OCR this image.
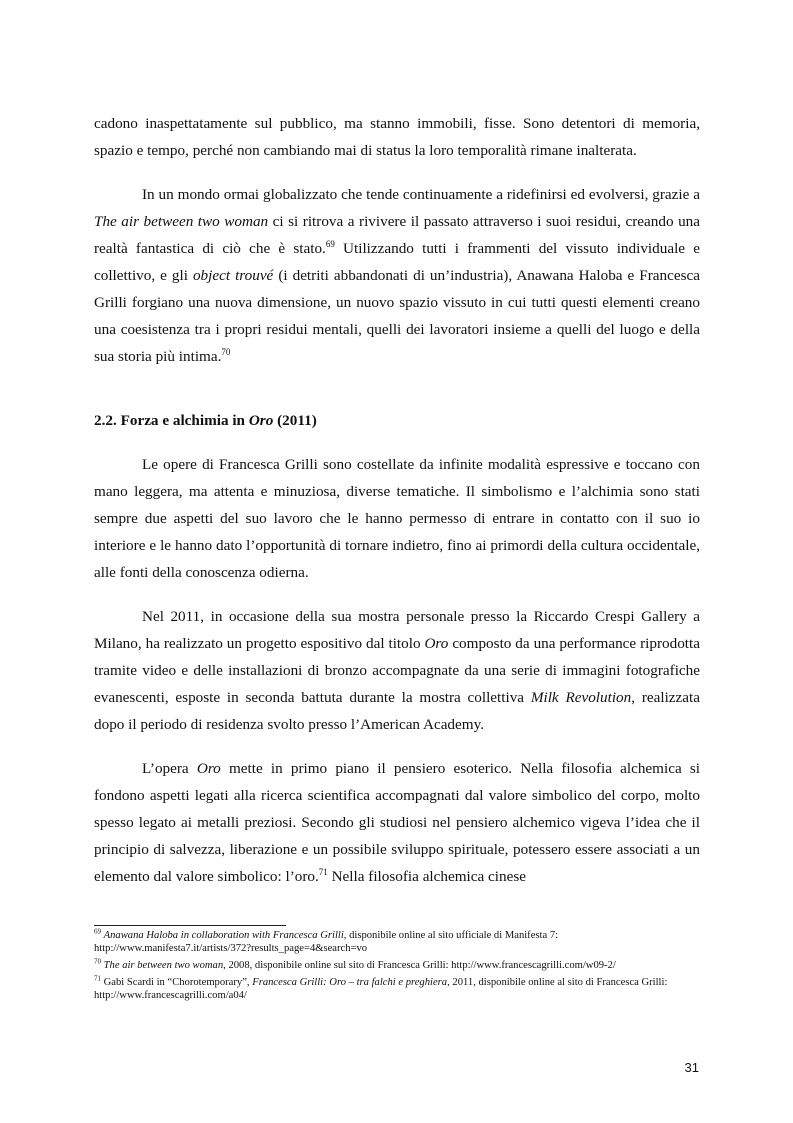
cadono inaspettatamente sul pubblico, ma stanno immobili, fisse. Sono detentori di memoria, spazio e tempo, perché non cambiando mai di status la loro temporalità rimane inalterata.

In un mondo ormai globalizzato che tende continuamente a ridefinirsi ed evolversi, grazie a The air between two woman ci si ritrova a rivivere il passato attraverso i suoi residui, creando una realtà fantastica di ciò che è stato.$^{69}$ Utilizzando tutti i frammenti del vissuto individuale e collettivo, e gli object trouvé (i detriti abbandonati di un’industria), Anawana Haloba e Francesca Grilli forgiano una nuova dimensione, un nuovo spazio vissuto in cui tutti questi elementi creano una coesistenza tra i propri residui mentali, quelli dei lavoratori insieme a quelli del luogo e della sua storia più intima.$^{70}$

2.2. Forza e alchimia in Oro (2011)

Le opere di Francesca Grilli sono costellate da infinite modalità espressive e toccano con mano leggera, ma attenta e minuziosa, diverse tematiche. Il simbolismo e l’alchimia sono stati sempre due aspetti del suo lavoro che le hanno permesso di entrare in contatto con il suo io interiore e le hanno dato l’opportunità di tornare indietro, fino ai primordi della cultura occidentale, alle fonti della conoscenza odierna.

Nel 2011, in occasione della sua mostra personale presso la Riccardo Crespi Gallery a Milano, ha realizzato un progetto espositivo dal titolo Oro composto da una performance riprodotta tramite video e delle installazioni di bronzo accompagnate da una serie di immagini fotografiche evanescenti, esposte in seconda battuta durante la mostra collettiva Milk Revolution, realizzata dopo il periodo di residenza svolto presso l’American Academy.

L’opera Oro mette in primo piano il pensiero esoterico. Nella filosofia alchemica si fondono aspetti legati alla ricerca scientifica accompagnati dal valore simbolico del corpo, molto spesso legato ai metalli preziosi. Secondo gli studiosi nel pensiero alchemico vigeva l’idea che il principio di salvezza, liberazione e un possibile sviluppo spirituale, potessero essere associati a un elemento dal valore simbolico: l’oro.$^{71}$ Nella filosofia alchemica cinese

$^{69}$ Anawana Haloba in collaboration with Francesca Grilli, disponibile online al sito ufficiale di Manifesta 7: http://www.manifesta7.it/artists/372?results_page=4&search=vo
$^{70}$ The air between two woman, 2008, disponibile online sul sito di Francesca Grilli: http://www.francescagrilli.com/w09-2/
$^{71}$ Gabi Scardi in “Chorotemporary”, Francesca Grilli: Oro – tra falchi e preghiera, 2011, disponibile online al sito di Francesca Grilli: http://www.francescagrilli.com/a04/
31
